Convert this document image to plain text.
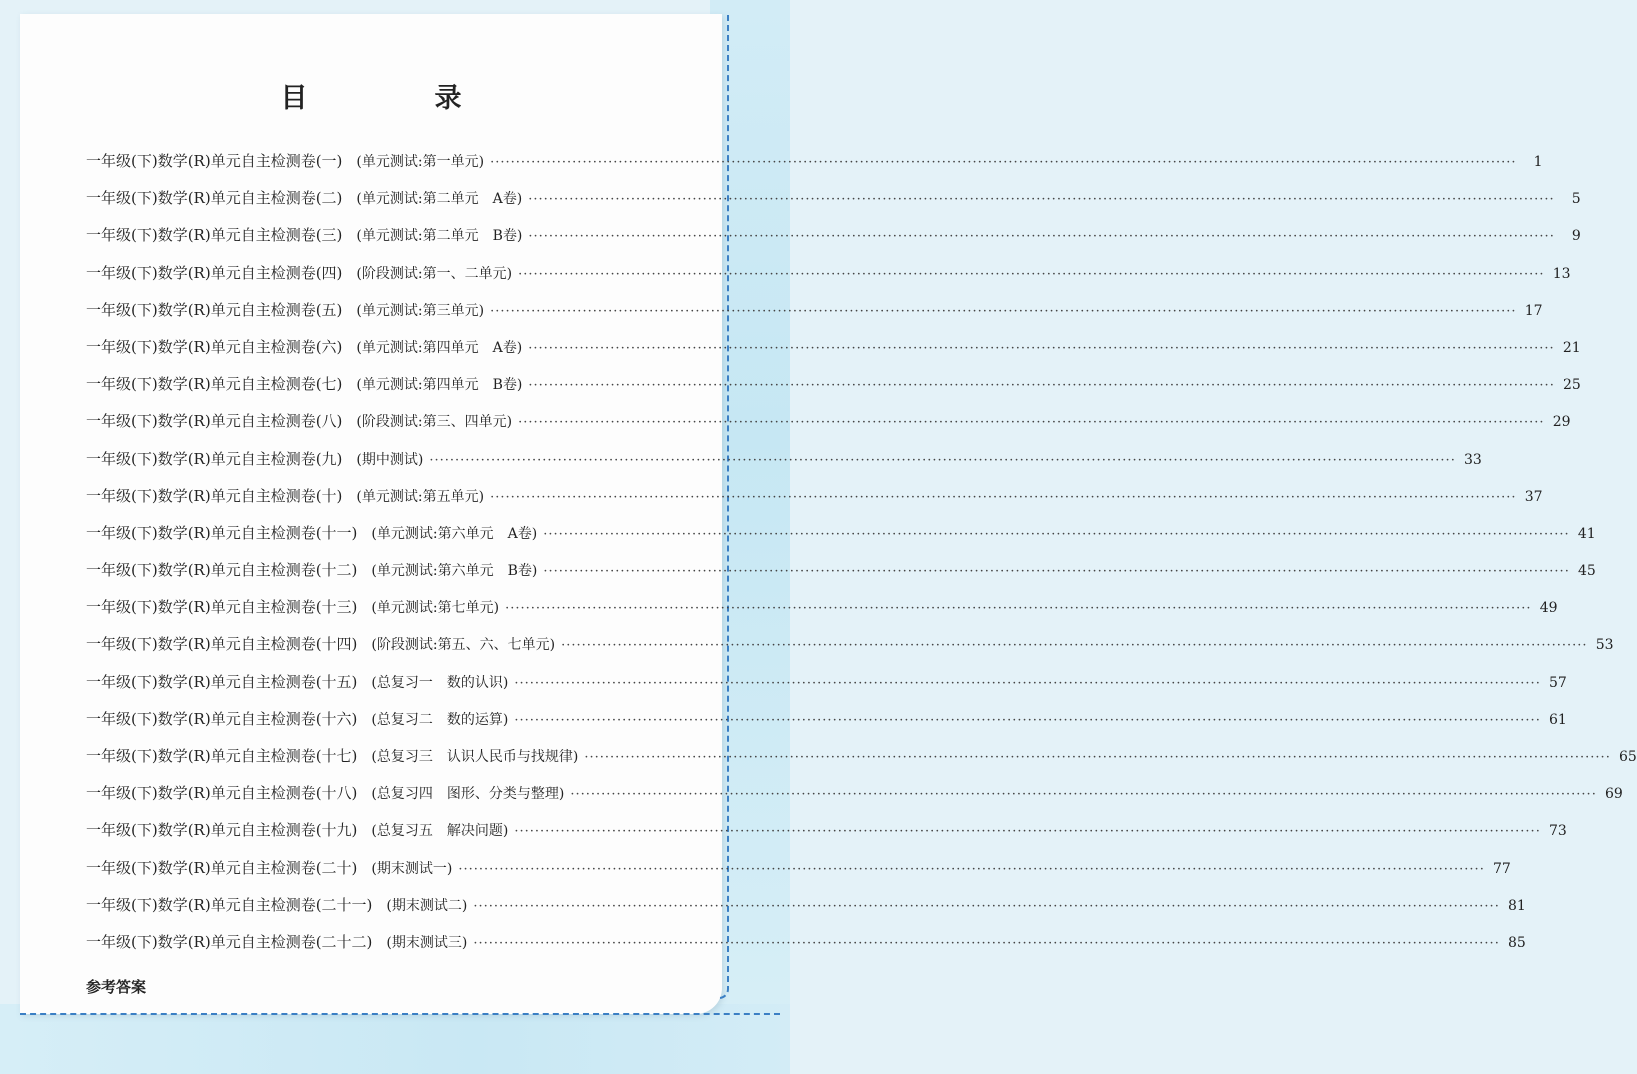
目　录
一年级(下)数学(R)单元自主检测卷(一) (单元测试:第一单元) ········································································································································································································	1
一年级(下)数学(R)单元自主检测卷(二) (单元测试:第二单元　A卷) ········································································································································································································	5
一年级(下)数学(R)单元自主检测卷(三) (单元测试:第二单元　B卷) ········································································································································································································	9
一年级(下)数学(R)单元自主检测卷(四) (阶段测试:第一、二单元) ········································································································································································································ 13
一年级(下)数学(R)单元自主检测卷(五) (单元测试:第三单元) ········································································································································································································ 17
一年级(下)数学(R)单元自主检测卷(六) (单元测试:第四单元　A卷) ········································································································································································································ 21
一年级(下)数学(R)单元自主检测卷(七) (单元测试:第四单元　B卷) ········································································································································································································ 25
一年级(下)数学(R)单元自主检测卷(八) (阶段测试:第三、四单元) ········································································································································································································ 29
一年级(下)数学(R)单元自主检测卷(九) (期中测试) ········································································································································································································ 33
一年级(下)数学(R)单元自主检测卷(十) (单元测试:第五单元) ········································································································································································································ 37
一年级(下)数学(R)单元自主检测卷(十一) (单元测试:第六单元　A卷) ········································································································································································································ 41
一年级(下)数学(R)单元自主检测卷(十二) (单元测试:第六单元　B卷) ········································································································································································································ 45
一年级(下)数学(R)单元自主检测卷(十三) (单元测试:第七单元) ········································································································································································································ 49
一年级(下)数学(R)单元自主检测卷(十四) (阶段测试:第五、六、七单元) ········································································································································································································ 53
一年级(下)数学(R)单元自主检测卷(十五) (总复习一　数的认识) ········································································································································································································ 57
一年级(下)数学(R)单元自主检测卷(十六) (总复习二　数的运算) ········································································································································································································ 61
一年级(下)数学(R)单元自主检测卷(十七) (总复习三　认识人民币与找规律) ········································································································································································································ 65
一年级(下)数学(R)单元自主检测卷(十八) (总复习四　图形、分类与整理) ········································································································································································································ 69
一年级(下)数学(R)单元自主检测卷(十九) (总复习五　解决问题) ········································································································································································································ 73
一年级(下)数学(R)单元自主检测卷(二十) (期末测试一) ········································································································································································································ 77
一年级(下)数学(R)单元自主检测卷(二十一) (期末测试二) ········································································································································································································ 81
一年级(下)数学(R)单元自主检测卷(二十二) (期末测试三) ········································································································································································································ 85
参考答案
